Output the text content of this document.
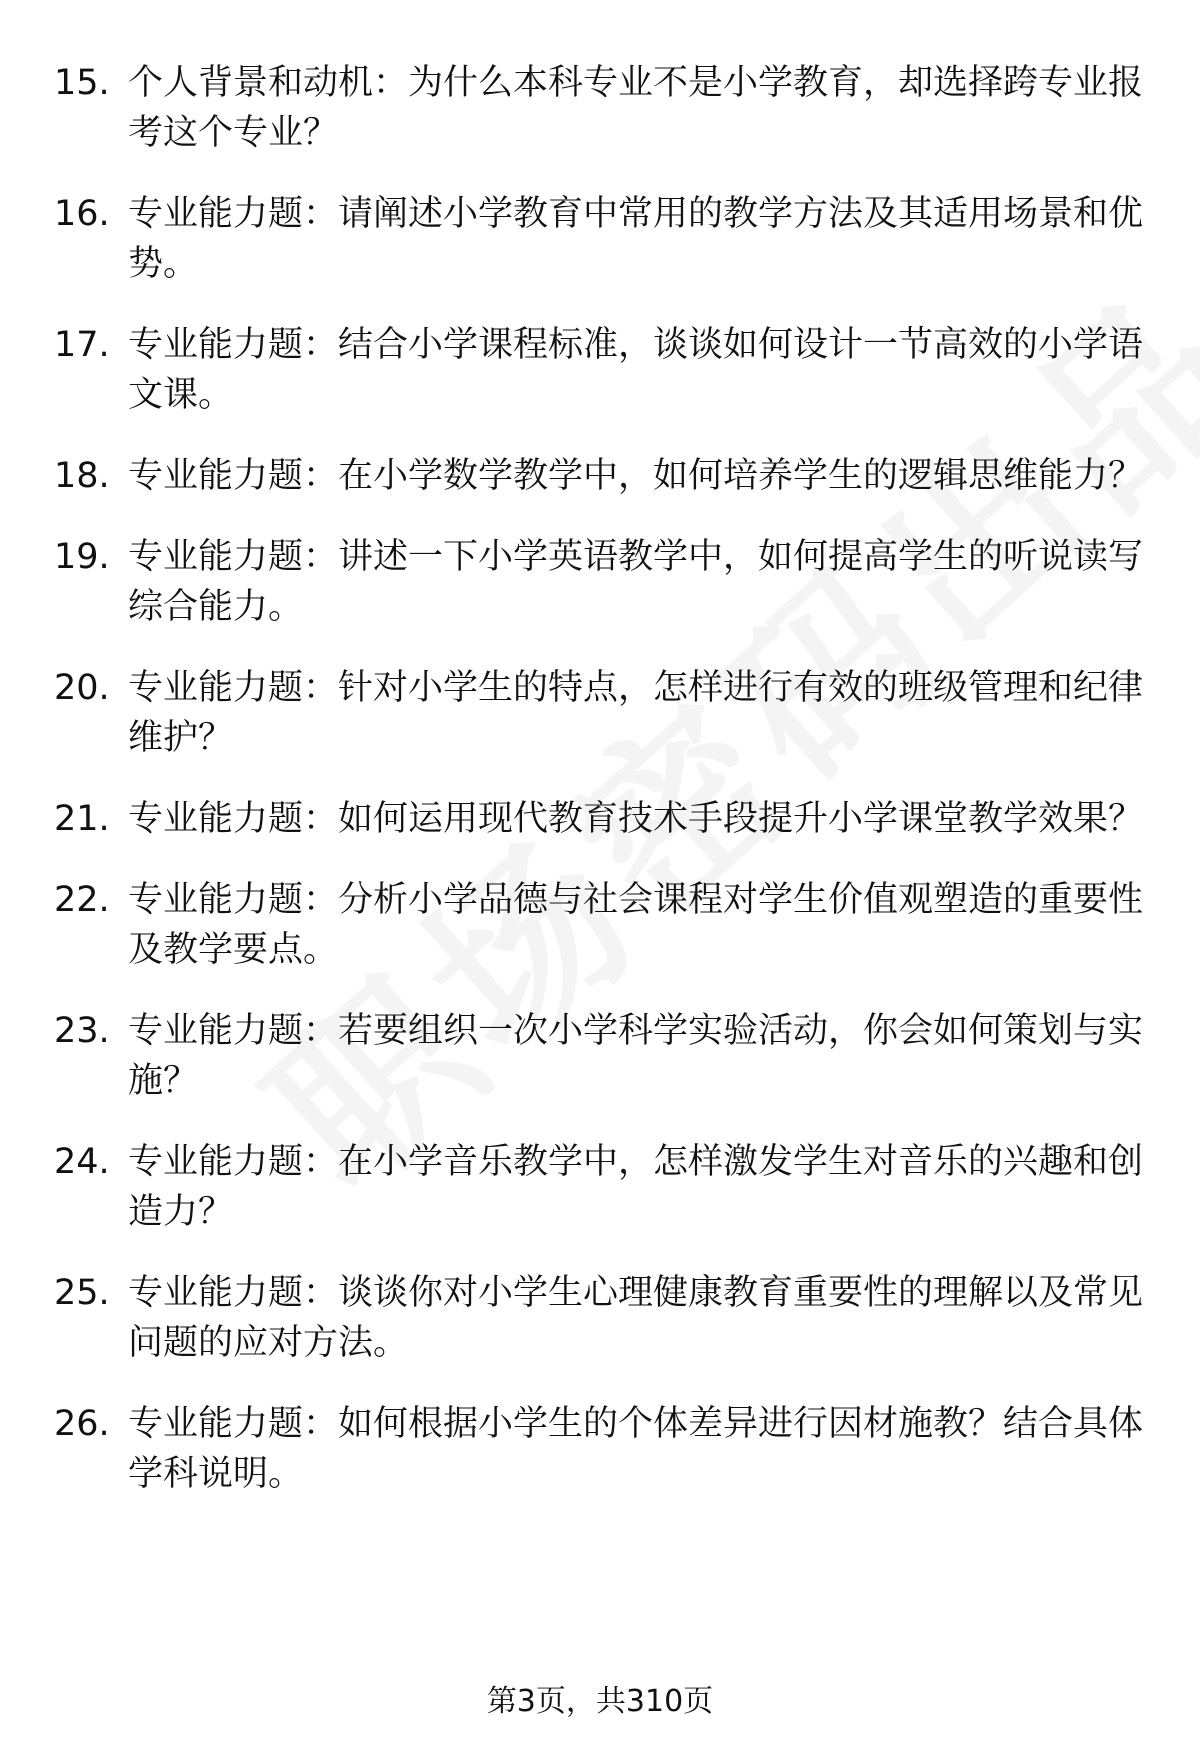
15. 个人背景和动机：为什么本科专业不是小学教育，却选择跨专业报考这个专业？
16. 专业能力题：请阐述小学教育中常用的教学方法及其适用场景和优势。
17. 专业能力题：结合小学课程标准，谈谈如何设计一节高效的小学语文课。
18. 专业能力题：在小学数学教学中，如何培养学生的逻辑思维能力？
19. 专业能力题：讲述一下小学英语教学中，如何提高学生的听说读写综合能力。
20. 专业能力题：针对小学生的特点，怎样进行有效的班级管理和纪律维护？
21. 专业能力题：如何运用现代教育技术手段提升小学课堂教学效果？
22. 专业能力题：分析小学品德与社会课程对学生价值观塑造的重要性及教学要点。
23. 专业能力题：若要组织一次小学科学实验活动，你会如何策划与实施？
24. 专业能力题：在小学音乐教学中，怎样激发学生对音乐的兴趣和创造力？
25. 专业能力题：谈谈你对小学生心理健康教育重要性的理解以及常见问题的应对方法。
26. 专业能力题：如何根据小学生的个体差异进行因材施教？结合具体学科说明。
第3页，共310页
